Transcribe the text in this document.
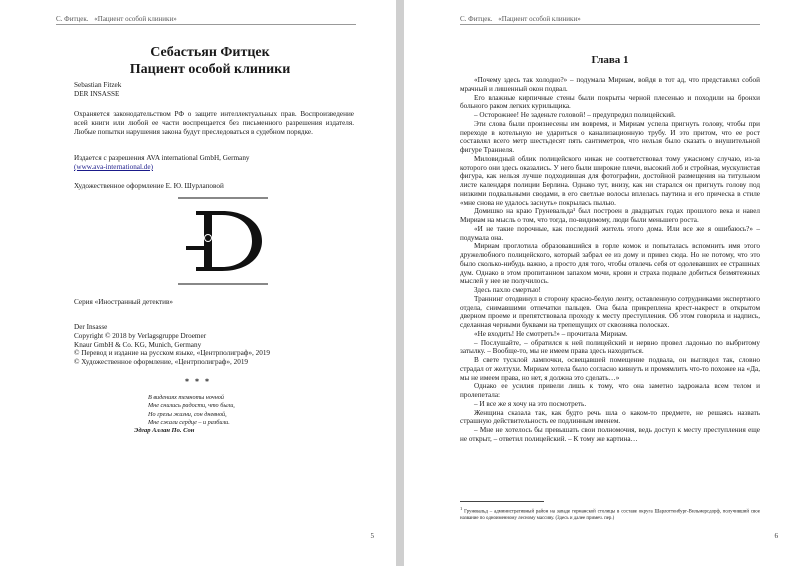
С. Фитцек. «Пациент особой клиники»
Себастьян Фитцек
Пациент особой клиники
Sebastian Fitzek
DER INSASSE
Охраняется законодательством РФ о защите интеллектуальных прав. Воспроизведение всей книги или любой ее части воспрещается без письменного разрешения издателя. Любые попытки нарушения закона будут преследоваться в судебном порядке.
Издается с разрешения AVA international GmbH, Germany
(www.ava-international.de)
Художественное оформление Е. Ю. Шурлаповой
Серия «Иностранный детектив»
Der Insasse
Copyright © 2018 by Verlagsgruppe Droemer
Knaur GmbH & Co. KG, Munich, Germany
© Перевод и издание на русском языке, «Центрполиграф», 2019
© Художественное оформление, «Центрполиграф», 2019
* * *
В видениях темноты ночной
Мне снились радости, что были,
Но грезы жизни, сон дневной,
Мне сжали сердце – и разбили.
Эдгар Аллан По. Сон
5
С. Фитцек. «Пациент особой клиники»
Глава 1

«Почему здесь так холодно?» – подумала Мириам, войдя в тот ад, что представлял собой мрачный и лишенный окон подвал.

Его влажные кирпичные стены были покрыты черной плесенью и походили на бронхи больного раком легких курильщика.

– Осторожнее! Не заденьте головой! – предупредил полицейский.

Эти слова были произнесены им вовремя, и Мириам успела пригнуть голову, чтобы при переходе в котельную не удариться о канализационную трубу. И это притом, что ее рост составлял всего метр шестьдесят пять сантиметров, что нельзя было сказать о внушительной фигуре Траннеля.

Миловидный облик полицейского никак не соответствовал тому ужасному случаю, из-за которого они здесь оказались. У него были широкие плечи, высокий лоб и стройная, мускулистая фигура, как нельзя лучше подходившая для фотографии, достойной размещения на титульном листе календаря полиции Берлина. Однако тут, внизу, как ни старался он пригнуть голову под низкими подвальными сводами, в его светлые волосы вплелась паутина и его прическа в стиле «мне снова не удалось заснуть» покрылась пылью.

Домишко на краю Груневальда¹ был построен в двадцатых годах прошлого века и навел Мириам на мысль о том, что тогда, по-видимому, люди были меньшего роста.

«И не такие порочные, как последний житель этого дома. Или все же я ошибаюсь?» – подумала она.

Мириам проглотила образовавшийся в горле комок и попыталась вспомнить имя этого дружелюбного полицейского, который забрал ее из дому и привез сюда. Но не потому, что это было сколько-нибудь важно, а просто для того, чтобы отвлечь себя от одолевавших ее страшных дум. Однако в этом пропитанном запахом мочи, крови и страха подвале добиться безмятежных мыслей у нее не получилось.

Здесь пахло смертью!

Траннинг отодвинул в сторону красно-белую ленту, оставленную сотрудниками экспертного отдела, снимавшими отпечатки пальцев. Она была прикреплена крест-накрест в открытом дверном проеме и препятствовала проходу к месту преступления. Об этом говорила и надпись, сделанная черными буквами на трепещущих от сквозняка полосках.

«Не входить! Не смотреть!» – прочитала Мириам.

– Послушайте, – обратился к ней полицейский и нервно провел ладонью по выбритому затылку. – Вообще-то, мы не имеем права здесь находиться.

В свете тусклой лампочки, освещавшей помещение подвала, он выглядел так, словно страдал от желтухи. Мириам хотела было согласно кивнуть и промямлить что-то похожее на «Да, мы не имеем права, но нет, я должна это сделать…»

Однако ее усилия привели лишь к тому, что она заметно задрожала всем телом и пролепетала:

– И все же я хочу на это посмотреть.

Женщина сказала так, как будто речь шла о каком-то предмете, не решаясь назвать страшную действительность ее подлинным именем.

– Мне не хотелось бы превышать свои полномочия, ведь доступ к месту преступления еще не открыт, – ответил полицейский. – К тому же картина…

1 Груневальд – административный район на западе германской столицы в составе округа Шарлоттенбург-Вильмерсдорф, получивший свое название по одноименному лесному массиву. (Здесь и далее примеч. пер.)
6
